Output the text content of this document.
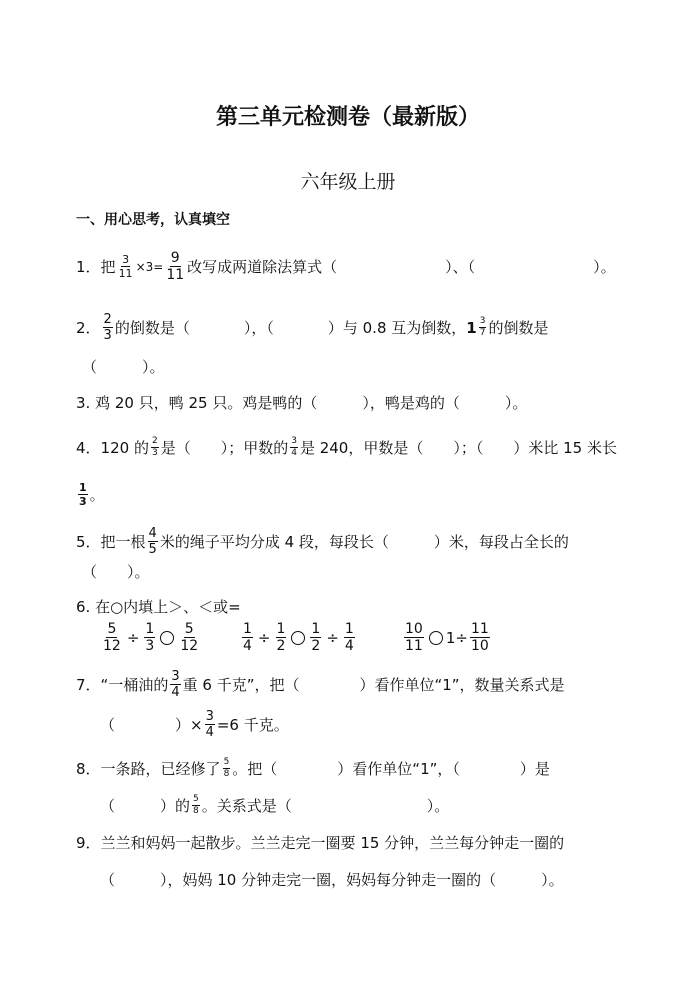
第三单元检测卷（最新版）
六年级上册
一、用心思考，认真填空
1． 把 $\frac{3}{11} \times 3= \frac{9}{11}$ 改写成两道除法算式（	）、（	）。
2． $\frac{2}{3}$ 的倒数是（	），（	）与 0.8 互为倒数， $1 \frac{3}{7}$ 的倒数是
（　　　）。
3. 鸡 20 只，鸭 25 只。鸡是鸭的（　　　），鸭是鸡的（　　　）。
4．120 的 $\frac{2}{3}$ 是（　　）；甲数的 $\frac{3}{4}$ 是 240，甲数是（　　）；（　　）米比 15 米长
$\frac{1}{3}$ 。
5．把一根 $\frac{4}{5}$ 米的绳子平均分成 4 段，每段长（　　　）米，每段占全长的
（　　）。
6. 在○内填上＞、＜或=
$\frac{5}{12} \div \frac{1}{3} \frac{5}{12}$	$\frac{1}{4} \div \frac{1}{2} \frac{1}{2} \div \frac{1}{4}$	$\frac{10}{11} 1\div \frac{11}{10}$
7． “一桶油的 $\frac{3}{4}$ 重 6 千克”，把（　　　　）看作单位“1”，数量关系式是
（　　　　）× $\frac{3}{4} =6$ 千克。
8． 一条路，已经修了 $\frac{5}{8}$ 。把（　　　　）看作单位“1”，（　　　　）是
（　　　）的 $\frac{5}{8}$ 。关系式是（　　　　　　　　　）。
9．兰兰和妈妈一起散步。兰兰走完一圈要 15 分钟，兰兰每分钟走一圈的
（　　　），妈妈 10 分钟走完一圈，妈妈每分钟走一圈的（　　　）。
